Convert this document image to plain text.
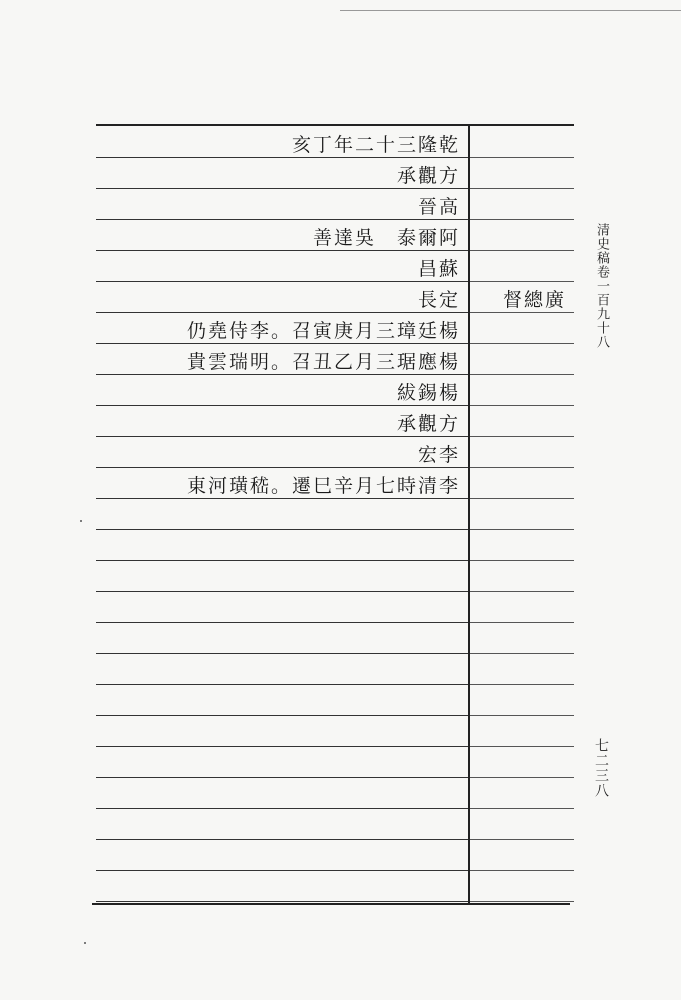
乾隆三十二年丁亥
方觀承
高晉
阿爾泰　吳達善
蘇昌
定長
楊廷璋三月庚寅召。李侍堯仍
楊應琚三月乙丑召。明瑞雲貴
楊錫紱
方觀承
李宏
李清時七月辛巳遷。嵇璜河東
廣總督	清史稿卷一百九十八
七二三八
